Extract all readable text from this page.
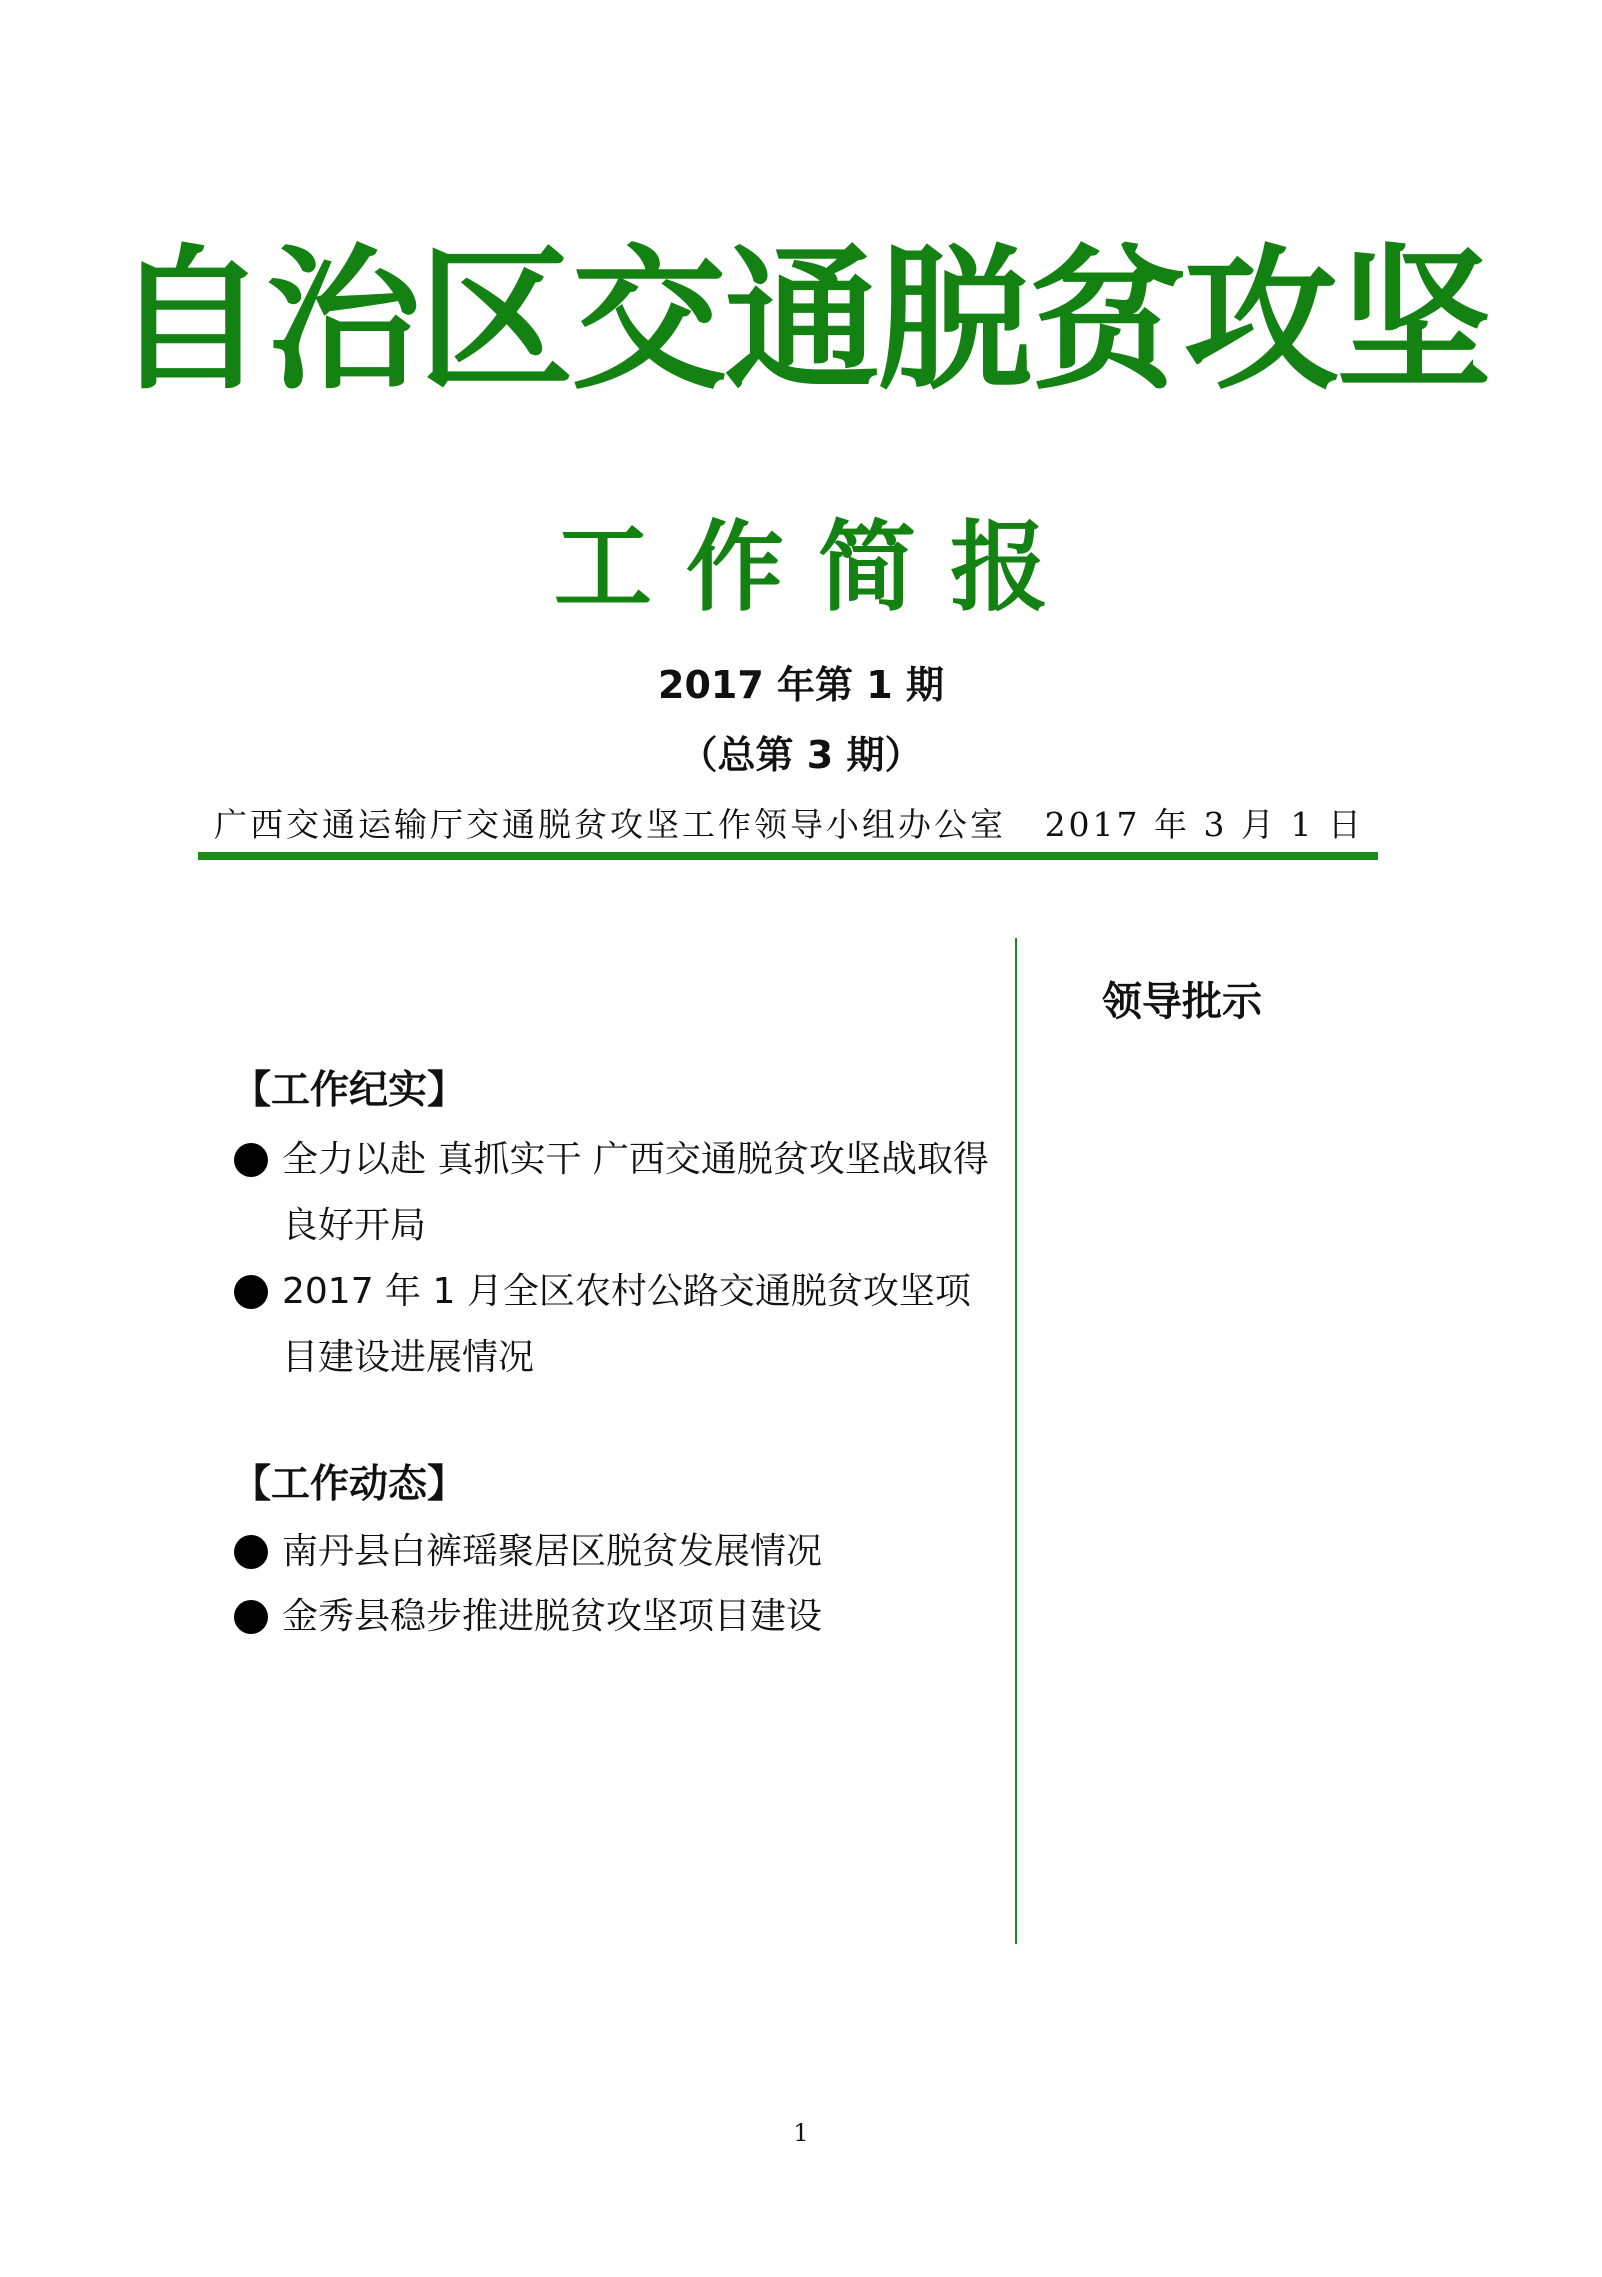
自治区交通脱贫攻坚
工 作 简 报
2017 年第 1 期
（总第 3 期）
广西交通运输厅交通脱贫攻坚工作领导小组办公室 2017 年 3 月 1 日
【工作纪实】
全力以赴 真抓实干 广西交通脱贫攻坚战取得良好开局
2017 年 1 月全区农村公路交通脱贫攻坚项目建设进展情况
【工作动态】
南丹县白裤瑶聚居区脱贫发展情况
金秀县稳步推进脱贫攻坚项目建设
领导批示
1
